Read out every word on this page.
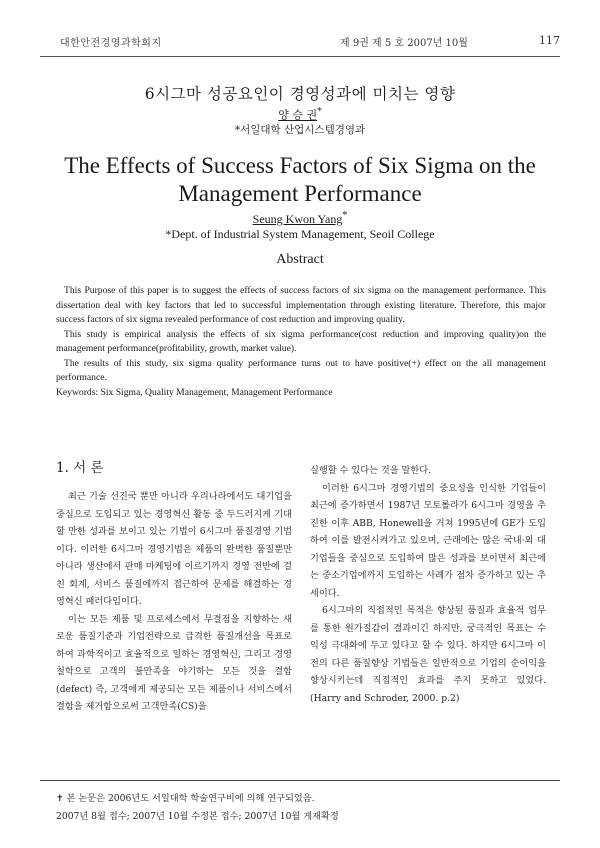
대한안전경영과학회지	제 9권 제 5 호 2007년 10월	117
6시그마 성공요인이 경영성과에 미치는 영향
양 승 권*
*서일대학 산업시스템경영과
The Effects of Success Factors of Six Sigma on the
Management Performance
Seung Kwon Yang*
*Dept. of Industrial System Management, Seoil College
Abstract

This Purpose of this paper is to suggest the effects of success factors of six sigma on the management performance. This dissertation deal with key factors that led to successful implementation through existing literature. Therefore, this major success factors of six sigma revealed performance of cost reduction and improving quality.

This study is empirical analysis the effects of six sigma performance(cost reduction and improving quality)on the management performance(profitability, growth, market value).

The results of this study, six sigma quality performance turns out to have positive(+) effect on the all management performance.

Keywords: Six Sigma, Quality Management, Management Performance

1. 서 론

최근 기술 선진국 뿐만 아니라 우리나라에서도 대기업을 중심으로 도입되고 있는 경영혁신 활동 중 두드러지게 기대할 만한 성과를 보이고 있는 기법이 6시그마 품질경영 기법이다. 이러한 6시그마 경영기법은 제품의 완벽한 품질뿐만 아니라 생산에서 판매 마케팅에 이르기까지 경영 전반에 걸친 회계, 서비스 품질에까지 접근하여 문제를 해결하는 경영혁신 패러다임이다.

이는 모든 제품 및 프로세스에서 무결점을 지향하는 새로운 품질기준과 기업전략으로 급격한 품질개선을 목표로 하여 과학적이고 효율적으로 일하는 경영혁신, 그리고 경영철학으로 고객의 불만족을 야기하는 모든 것을 결함(defect) 즉, 고객에게 제공되는 모든 제품이나 서비스에서 결함을 제거함으로써 고객만족(CS)을

실행할 수 있다는 것을 말한다.

이러한 6시그마 경영기법의 중요성을 인식한 기업들이 최근에 증가하면서 1987년 모토롤라가 6시그마 경영을 추진한 이후 ABB, Honewell을 거쳐 1995년에 GE가 도입하여 이를 발전시켜가고 있으며, 근래에는 많은 국내·외 대기업들을 중심으로 도입하여 많은 성과를 보이면서 최근에는 중소기업에까지 도입하는 사례가 점차 증가하고 있는 추세이다.

6시그마의 직접적인 목적은 향상된 품질과 효율적 업무를 통한 원가절감이 결과이긴 하지만, 궁극적인 목표는 수익성 극대화에 두고 있다고 할 수 있다. 하지만 6시그마 이전의 다른 품질향상 기법들은 일반적으로 기업의 순이익을 향상시키는데 직접적인 효과를 주지 못하고 있었다. (Harry and Schroder, 2000. p.2)

✝ 본 논문은 2006년도 서일대학 학술연구비에 의해 연구되었음.
2007년 8월 접수; 2007년 10월 수정본 접수; 2007년 10월 게재확정
